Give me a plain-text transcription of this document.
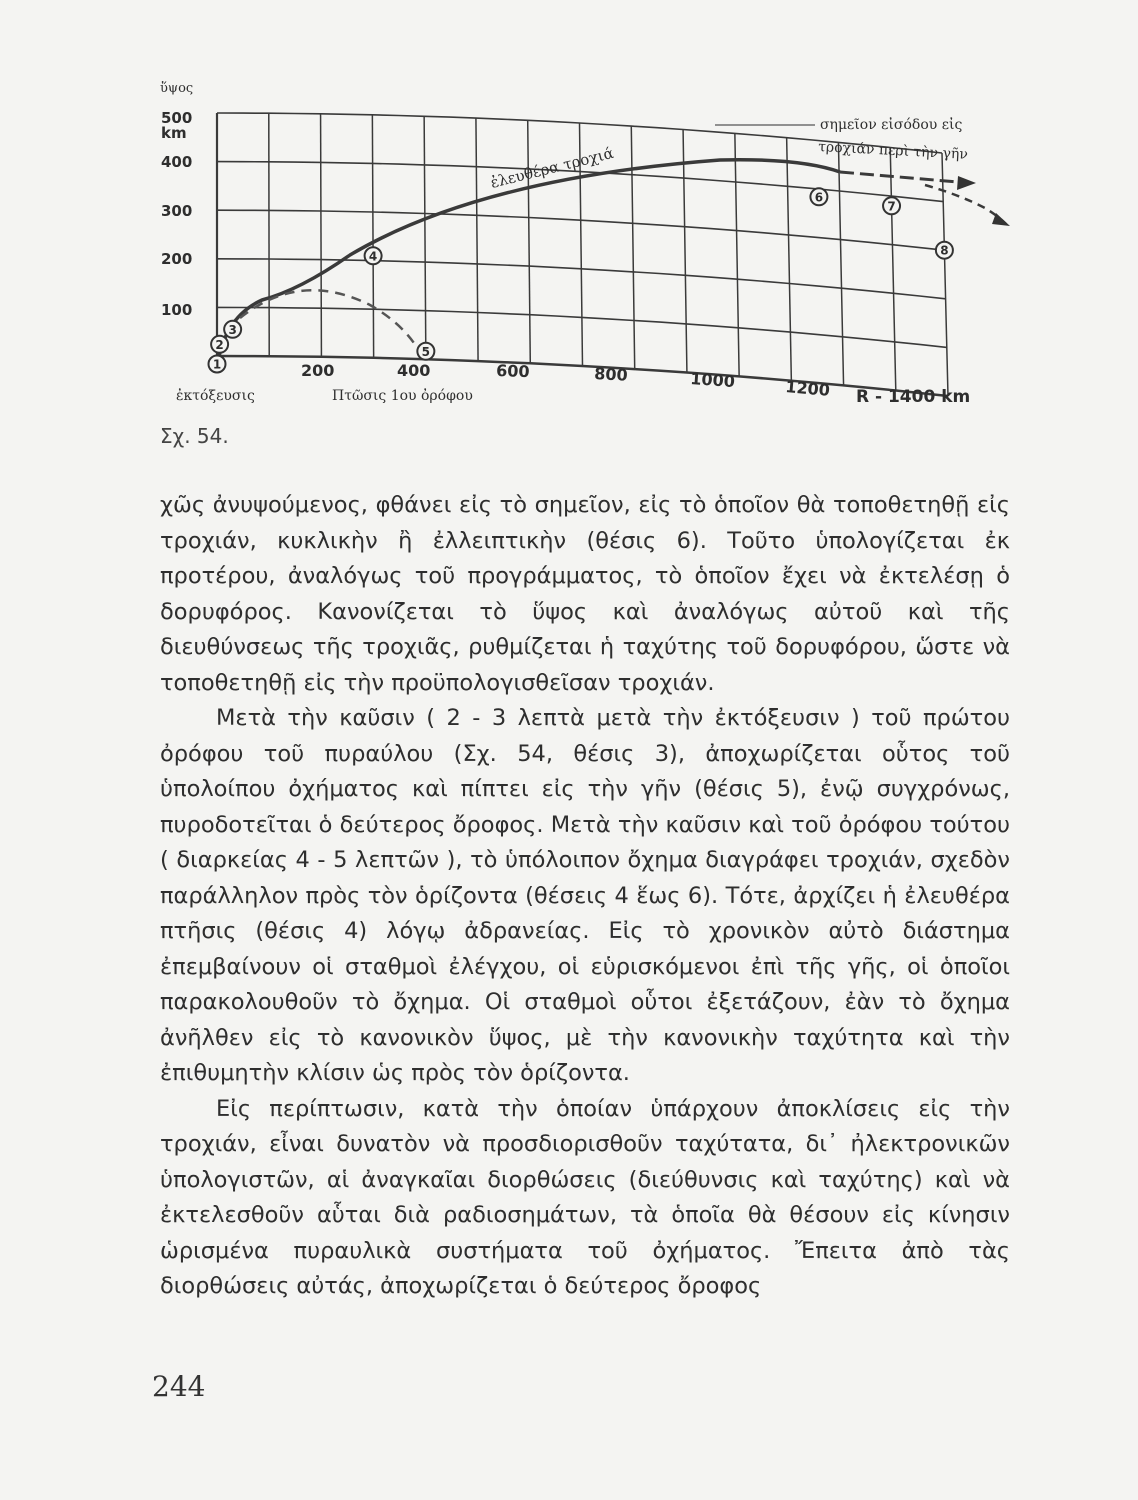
1
2
3
4
5
6
7
8
ὕψος
500
km
400
300
200
100
200	400	600	800	1000	1200 R - 1400 km
ἐκτόξευσις	Πτῶσις 1ου ὀρόφου
ἐλευθέρα τροχιά
σημεῖον εἰσόδου εἰς
τροχιάν περὶ τὴν γῆν
Σχ. 54.

χῶς ἀνυψούμενος, φθάνει εἰς τὸ σημεῖον, εἰς τὸ ὁποῖον θὰ τοποθετηθῇ εἰς τροχιάν, κυκλικὴν ἢ ἐλλειπτικὴν (θέσις 6). Τοῦτο ὑπολογίζεται ἐκ προτέρου, ἀναλόγως τοῦ προγράμματος, τὸ ὁποῖον ἔχει νὰ ἐκτελέσῃ ὁ δορυφόρος. Κανονίζεται τὸ ὕψος καὶ ἀναλόγως αὐτοῦ καὶ τῆς διευθύνσεως τῆς τροχιᾶς, ρυθμίζεται ἡ ταχύτης τοῦ δορυφόρου, ὥστε νὰ τοποθετηθῇ εἰς τὴν προϋπολογισθεῖσαν τροχιάν.

Μετὰ τὴν καῦσιν ( 2 - 3 λεπτὰ μετὰ τὴν ἐκτόξευσιν ) τοῦ πρώτου ὀρόφου τοῦ πυραύλου (Σχ. 54, θέσις 3), ἀποχωρίζεται οὗτος τοῦ ὑπολοίπου ὀχήματος καὶ πίπτει εἰς τὴν γῆν (θέσις 5), ἐνῷ συγχρόνως, πυροδοτεῖται ὁ δεύτερος ὄροφος. Μετὰ τὴν καῦσιν καὶ τοῦ ὀρόφου τούτου ( διαρκείας 4 - 5 λεπτῶν ), τὸ ὑπόλοιπον ὄχημα διαγράφει τροχιάν, σχεδὸν παράλληλον πρὸς τὸν ὁρίζοντα (θέσεις 4 ἕως 6). Τότε, ἀρχίζει ἡ ἐλευθέρα πτῆσις (θέσις 4) λόγῳ ἀδρανείας. Εἰς τὸ χρονικὸν αὐτὸ διάστημα ἐπεμβαίνουν οἱ σταθμοὶ ἐλέγχου, οἱ εὑρισκόμενοι ἐπὶ τῆς γῆς, οἱ ὁποῖοι παρακολουθοῦν τὸ ὄχημα. Οἱ σταθμοὶ οὗτοι ἐξετάζουν, ἐὰν τὸ ὄχημα ἀνῆλθεν εἰς τὸ κανονικὸν ὕψος, μὲ τὴν κανονικὴν ταχύτητα καὶ τὴν ἐπιθυμητὴν κλίσιν ὡς πρὸς τὸν ὁρίζοντα.

Εἰς περίπτωσιν, κατὰ τὴν ὁποίαν ὑπάρχουν ἀποκλίσεις εἰς τὴν τροχιάν, εἶναι δυνατὸν νὰ προσδιορισθοῦν ταχύτατα, δι᾽ ἠλεκτρονικῶν ὑπολογιστῶν, αἱ ἀναγκαῖαι διορθώσεις (διεύθυνσις καὶ ταχύτης) καὶ νὰ ἐκτελεσθοῦν αὗται διὰ ραδιοσημάτων, τὰ ὁποῖα θὰ θέσουν εἰς κίνησιν ὡρισμένα πυραυλικὰ συστήματα τοῦ ὀχήματος. Ἔπειτα ἀπὸ τὰς διορθώσεις αὐτάς, ἀποχωρίζεται ὁ δεύτερος ὄροφος

244
